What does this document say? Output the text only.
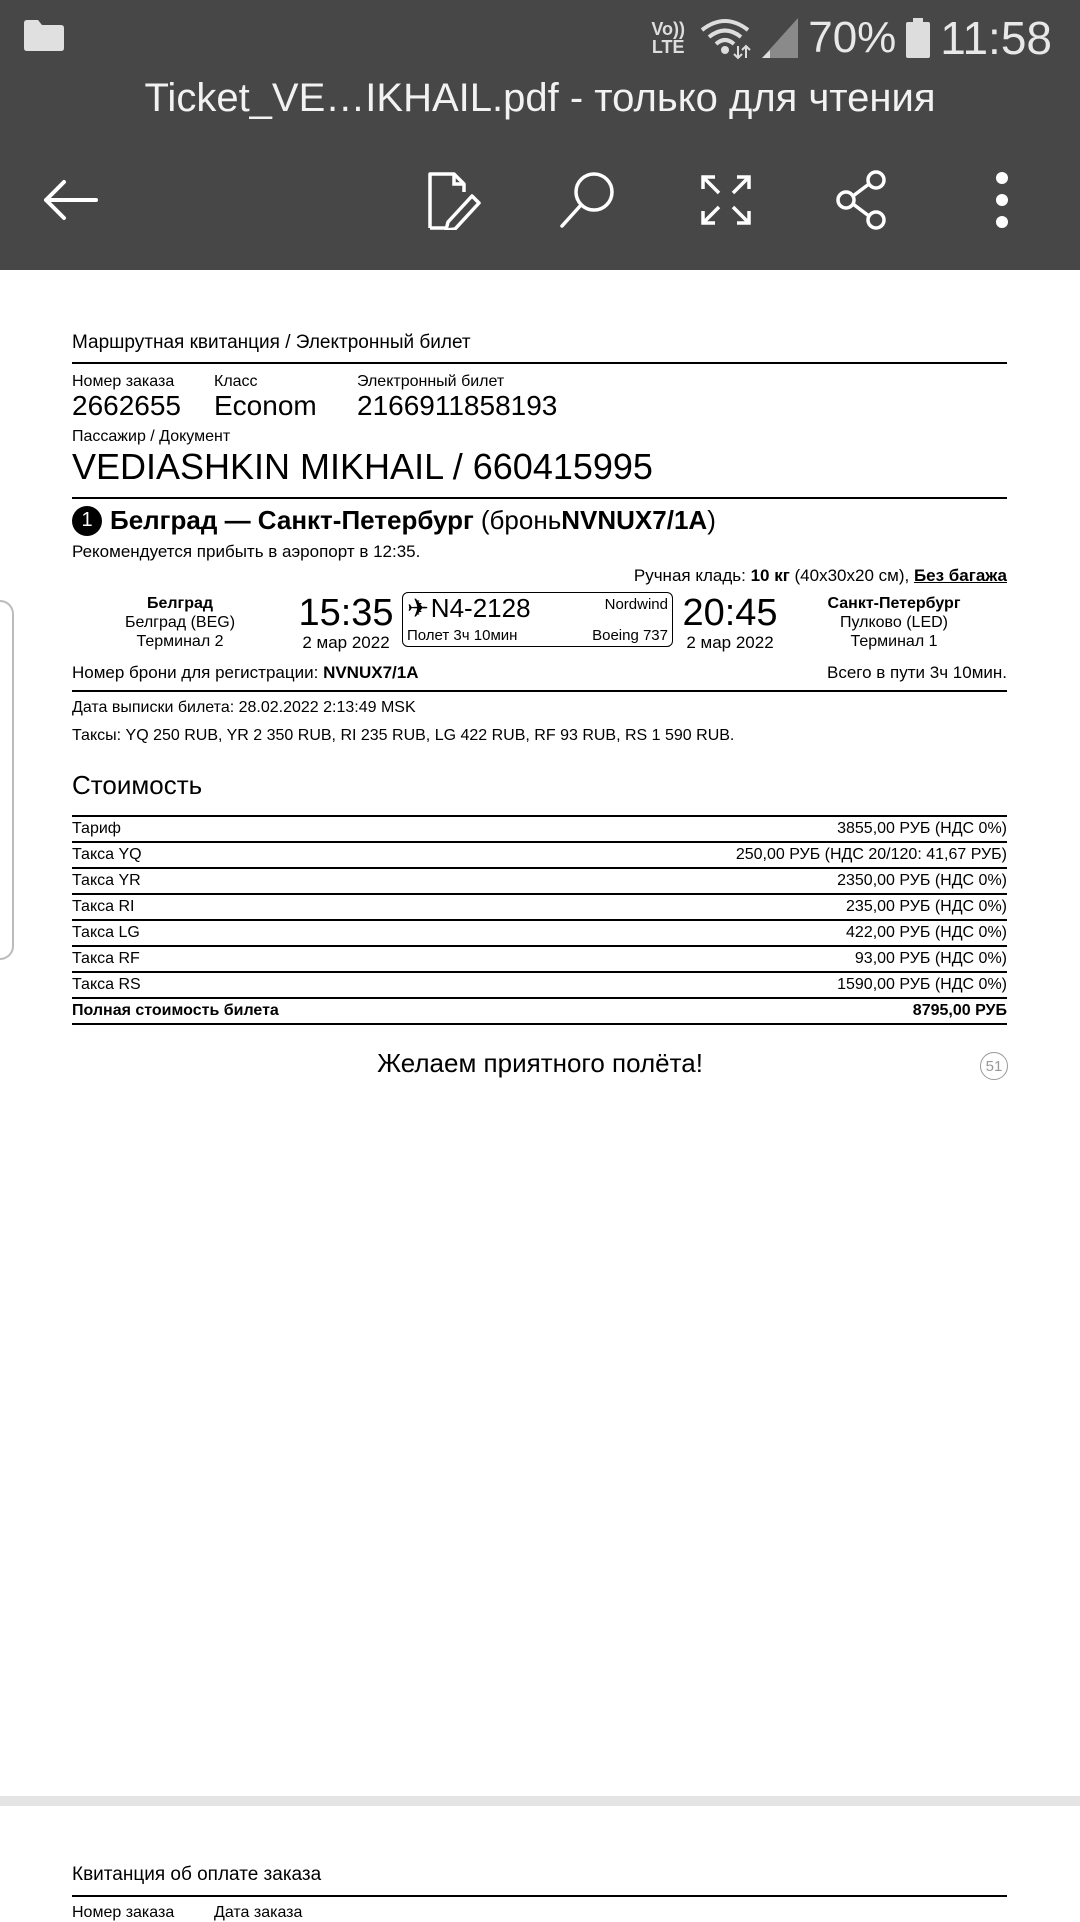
Vo))
LTE	70% 11:58
Ticket_VE…IKHAIL.pdf - только для чтения
Маршрутная квитанция / Электронный билет
Номер заказа
2662655
Класс
Econom
Электронный билет
2166911858193
Пассажир / Документ
VEDIASHKIN MIKHAIL / 660415995
1 Белград — Санкт-Петербург (бронь NVNUX7/1A )
Рекомендуется прибыть в аэропорт в 12:35.
Ручная кладь: 10 кг (40x30x20 см), Без багажа
Белград
Белград (BEG)
Терминал 2
15:35
2 мар 2022
✈ N4-2128	Nordwind
Полет 3ч 10мин	Boeing 737
20:45
2 мар 2022
Санкт-Петербург
Пулково (LED)
Терминал 1
Номер брони для регистрации: NVNUX7/1A	Всего в пути 3ч 10мин.
Дата выписки билета: 28.02.2022 2:13:49 MSK
Таксы: YQ 250 RUB, YR 2 350 RUB, RI 235 RUB, LG 422 RUB, RF 93 RUB, RS 1 590 RUB.
Стоимость
Тариф	3855,00 РУБ (НДС 0%)
Такса YQ	250,00 РУБ (НДС 20/120: 41,67 РУБ)
Такса YR	2350,00 РУБ (НДС 0%)
Такса RI	235,00 РУБ (НДС 0%)
Такса LG	422,00 РУБ (НДС 0%)
Такса RF	93,00 РУБ (НДС 0%)
Такса RS	1590,00 РУБ (НДС 0%)
Полная стоимость билета	8795,00 РУБ
Желаем приятного полёта!	51
Квитанция об оплате заказа
Номер заказа Дата заказа
